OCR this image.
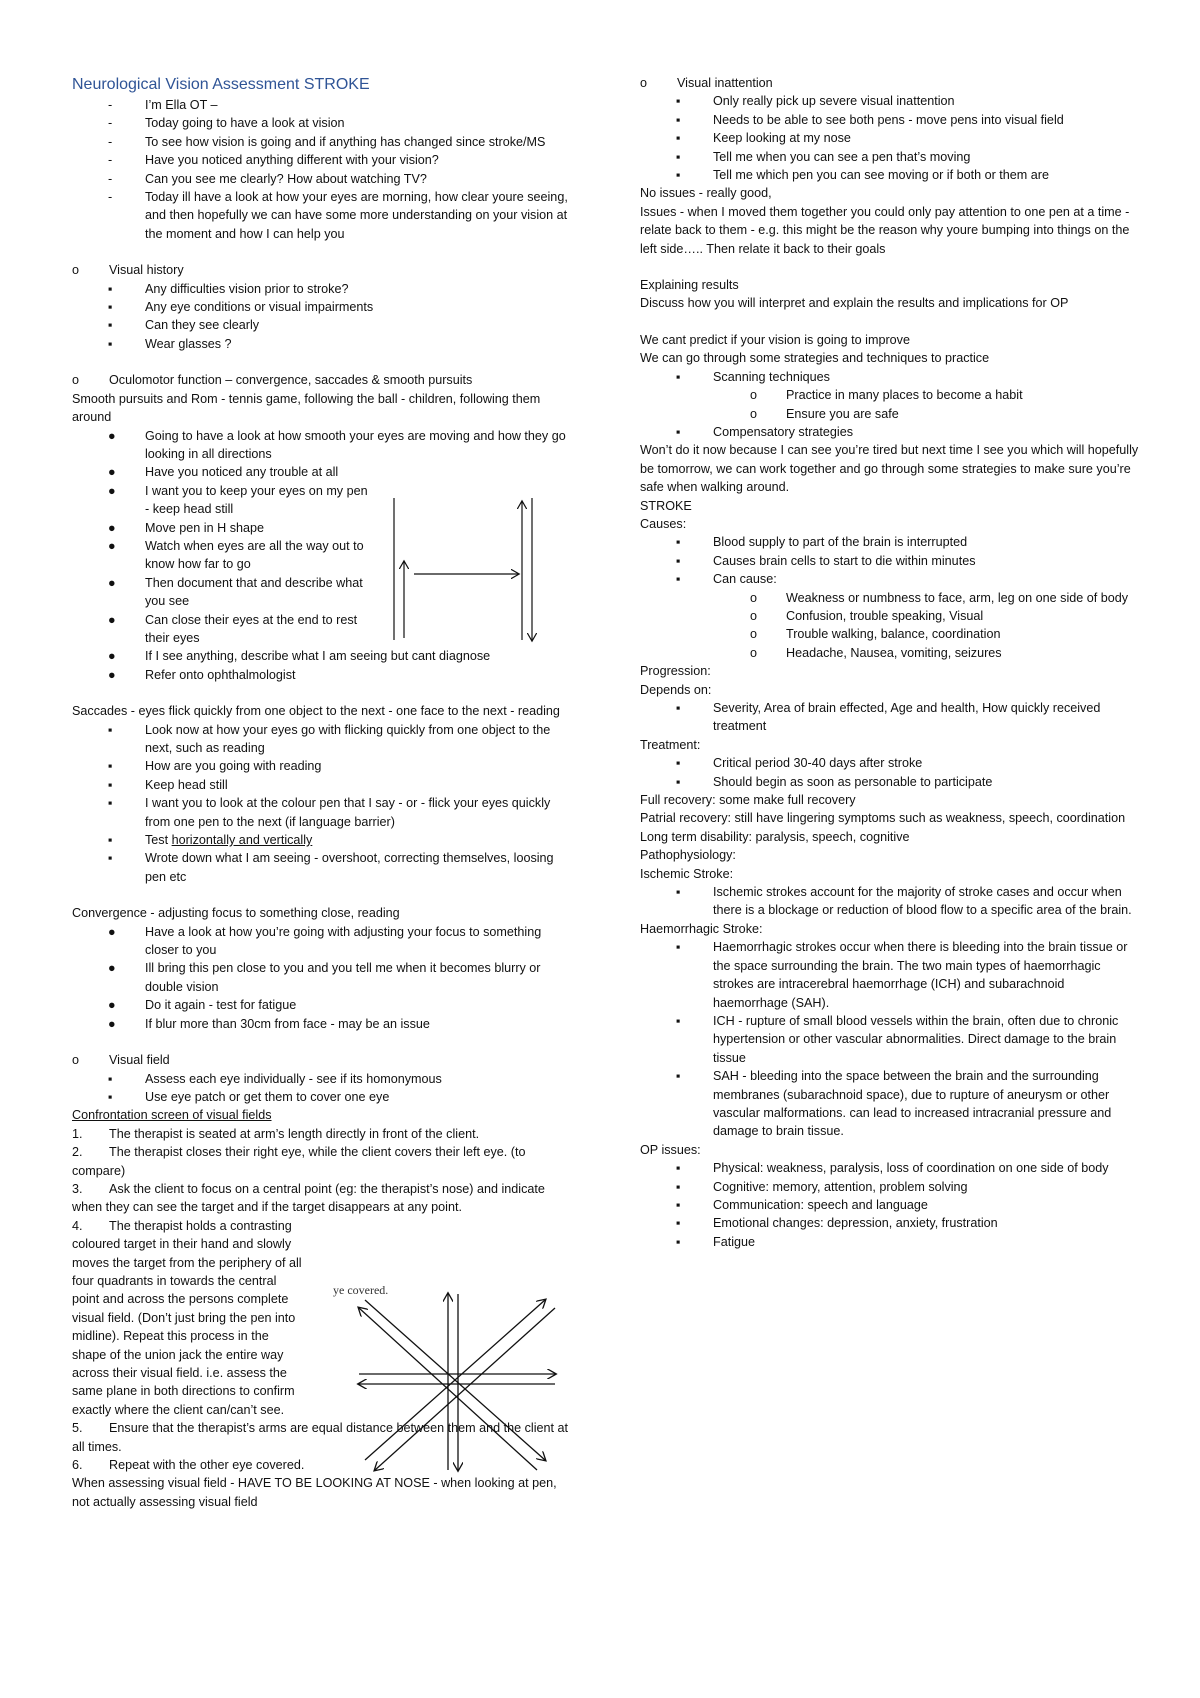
Neurological Vision Assessment STROKE
-	I’m Ella OT –
-	Today going to have a look at vision
-	To see how vision is going and if anything has changed since stroke/MS
-	Have you noticed anything different with your vision?
-	Can you see me clearly? How about watching TV?
-	Today ill have a look at how your eyes are morning, how clear youre seeing, and then hopefully we can have some more understanding on your vision at the moment and how I can help you
o Visual history
▪	Any difficulties vision prior to stroke?
▪	Any eye conditions or visual impairments
▪	Can they see clearly
▪	Wear glasses ?
o Oculomotor function – convergence, saccades & smooth pursuits
Smooth pursuits and Rom - tennis game, following the ball - children, following them around
● Going to have a look at how smooth your eyes are moving and how they go looking in all directions
● Have you noticed any trouble at all
● I want you to keep your eyes on my pen - keep head still
● Move pen in H shape
● Watch when eyes are all the way out to know how far to go
● Then document that and describe what you see
● Can close their eyes at the end to rest their eyes
● If I see anything, describe what I am seeing but cant diagnose
● Refer onto ophthalmologist
Saccades - eyes flick quickly from one object to the next - one face to the next - reading
▪	Look now at how your eyes go with flicking quickly from one object to the next, such as reading
▪	How are you going with reading
▪	Keep head still
▪	I want you to look at the colour pen that I say - or - flick your eyes quickly from one pen to the next (if language barrier)
▪	Test horizontally and vertically
▪	Wrote down what I am seeing - overshoot, correcting themselves, loosing pen etc
Convergence - adjusting focus to something close, reading
● Have a look at how you’re going with adjusting your focus to something closer to you
● Ill bring this pen close to you and you tell me when it becomes blurry or double vision
● Do it again - test for fatigue
● If blur more than 30cm from face - may be an issue
o Visual field
▪	Assess each eye individually - see if its homonymous
▪	Use eye patch or get them to cover one eye
Confrontation screen of visual fields
1. The therapist is seated at arm’s length directly in front of the client.
2. The therapist closes their right eye, while the client covers their left eye. (to compare)
3. Ask the client to focus on a central point (eg: the therapist’s nose) and indicate when they can see the target and if the target disappears at any point.
4. The therapist holds a contrasting coloured target in their hand and slowly moves the target from the periphery of all four quadrants in towards the central point and across the persons complete visual field. (Don’t just bring the pen into midline). Repeat this process in the shape of the union jack the entire way across their visual field. i.e. assess the same plane in both directions to confirm exactly where the client can/can’t see.
5. Ensure that the therapist’s arms are equal distance between them and the client at all times.
6. Repeat with the other eye covered.
When assessing visual field - HAVE TO BE LOOKING AT NOSE - when looking at pen, not actually assessing visual field
ye covered.
o Visual inattention
▪	Only really pick up severe visual inattention
▪	Needs to be able to see both pens - move pens into visual field
▪	Keep looking at my nose
▪	Tell me when you can see a pen that’s moving
▪	Tell me which pen you can see moving or if both or them are
No issues - really good,
Issues - when I moved them together you could only pay attention to one pen at a time - relate back to them - e.g. this might be the reason why youre bumping into things on the left side….. Then relate it back to their goals
Explaining results
Discuss how you will interpret and explain the results and implications for OP
We cant predict if your vision is going to improve
We can go through some strategies and techniques to practice
▪	Scanning techniques
o Practice in many places to become a habit
o Ensure you are safe
▪	Compensatory strategies
Won’t do it now because I can see you’re tired but next time I see you which will hopefully be tomorrow, we can work together and go through some strategies to make sure you’re safe when walking around.
STROKE
Causes:
▪	Blood supply to part of the brain is interrupted
▪	Causes brain cells to start to die within minutes
▪	Can cause:
o Weakness or numbness to face, arm, leg on one side of body
o Confusion, trouble speaking, Visual
o Trouble walking, balance, coordination
o Headache, Nausea, vomiting, seizures
Progression:
Depends on:
▪	Severity, Area of brain effected, Age and health, How quickly received treatment
Treatment:
▪	Critical period 30-40 days after stroke
▪	Should begin as soon as personable to participate
Full recovery: some make full recovery
Patrial recovery: still have lingering symptoms such as weakness, speech, coordination
Long term disability: paralysis, speech, cognitive
Pathophysiology:
Ischemic Stroke:
▪	Ischemic strokes account for the majority of stroke cases and occur when there is a blockage or reduction of blood flow to a specific area of the brain.
Haemorrhagic Stroke:
▪	Haemorrhagic strokes occur when there is bleeding into the brain tissue or the space surrounding the brain. The two main types of haemorrhagic strokes are intracerebral haemorrhage (ICH) and subarachnoid haemorrhage (SAH).
▪	ICH - rupture of small blood vessels within the brain, often due to chronic hypertension or other vascular abnormalities. Direct damage to the brain tissue
▪	SAH - bleeding into the space between the brain and the surrounding membranes (subarachnoid space), due to rupture of aneurysm or other vascular malformations. can lead to increased intracranial pressure and damage to brain tissue.
OP issues:
▪	Physical: weakness, paralysis, loss of coordination on one side of body
▪	Cognitive: memory, attention, problem solving
▪	Communication: speech and language
▪	Emotional changes: depression, anxiety, frustration
▪	Fatigue
